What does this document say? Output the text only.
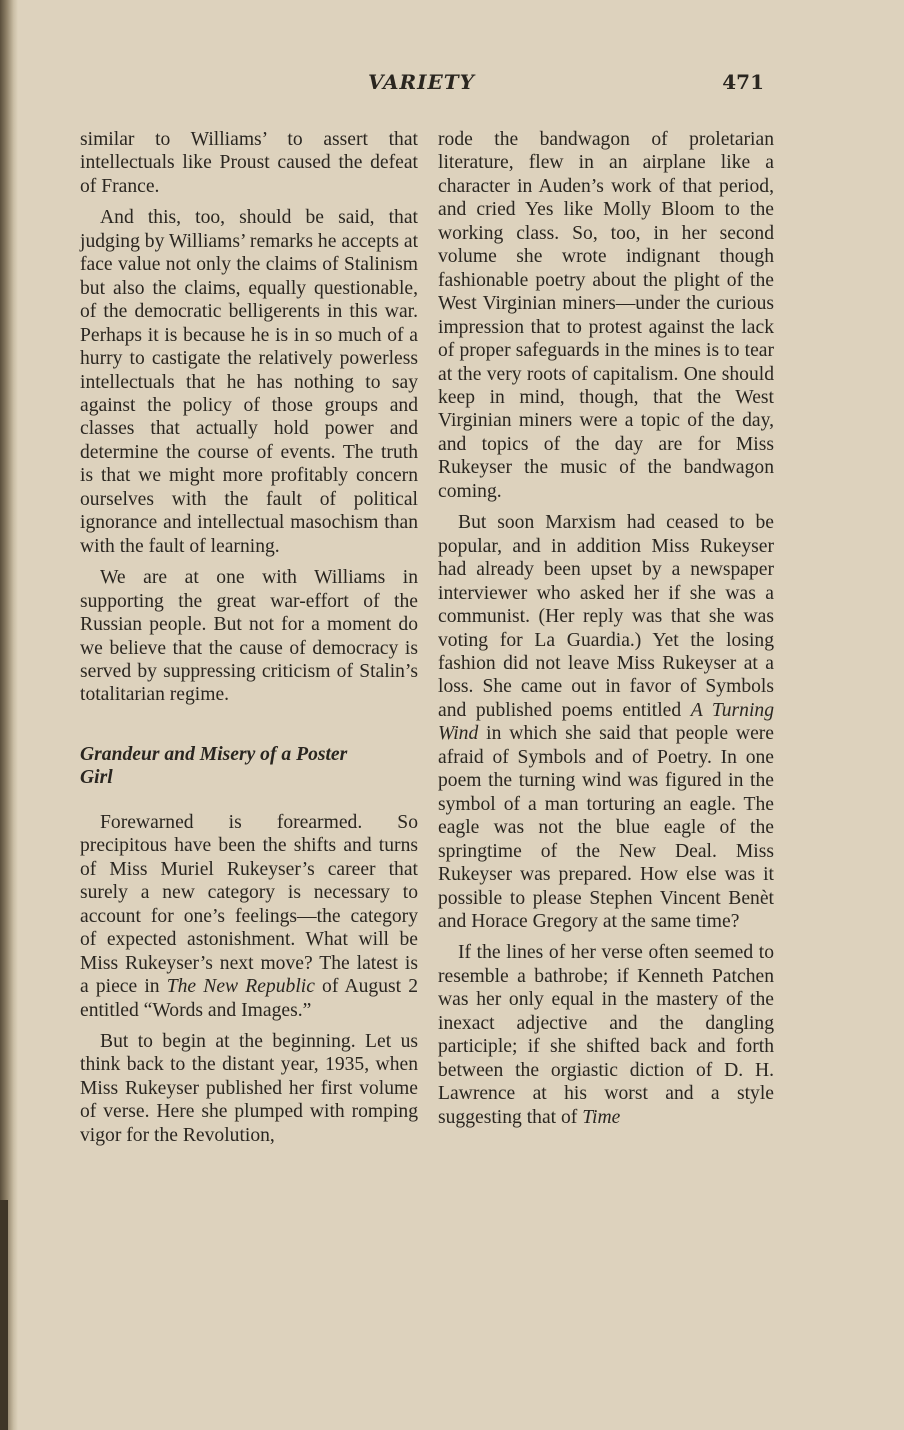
VARIETY	471

similar to Williams’ to assert that intellectuals like Proust caused the defeat of France.

And this, too, should be said, that judging by Williams’ remarks he accepts at face value not only the claims of Stalinism but also the claims, equally questionable, of the democratic belligerents in this war. Perhaps it is because he is in so much of a hurry to castigate the relatively powerless intellectuals that he has nothing to say against the policy of those groups and classes that actually hold power and determine the course of events. The truth is that we might more profitably concern ourselves with the fault of political ignorance and intellectual masochism than with the fault of learning.

We are at one with Williams in supporting the great war-effort of the Russian people. But not for a moment do we believe that the cause of democracy is served by suppressing criticism of Stalin’s totalitarian regime.

Grandeur and Misery of a Poster Girl

Forewarned is forearmed. So precipitous have been the shifts and turns of Miss Muriel Rukeyser’s career that surely a new category is necessary to account for one’s feelings—the category of expected astonishment. What will be Miss Rukeyser’s next move? The latest is a piece in The New Republic of August 2 entitled “Words and Images.”

But to begin at the beginning. Let us think back to the distant year, 1935, when Miss Rukeyser published her first volume of verse. Here she plumped with romping vigor for the Revolution,

rode the bandwagon of proletarian literature, flew in an airplane like a character in Auden’s work of that period, and cried Yes like Molly Bloom to the working class. So, too, in her second volume she wrote indignant though fashionable poetry about the plight of the West Virginian miners—under the curious impression that to protest against the lack of proper safeguards in the mines is to tear at the very roots of capitalism. One should keep in mind, though, that the West Virginian miners were a topic of the day, and topics of the day are for Miss Rukeyser the music of the bandwagon coming.

But soon Marxism had ceased to be popular, and in addition Miss Rukeyser had already been upset by a newspaper interviewer who asked her if she was a communist. (Her reply was that she was voting for La Guardia.) Yet the losing fashion did not leave Miss Rukeyser at a loss. She came out in favor of Symbols and published poems entitled A Turning Wind in which she said that people were afraid of Symbols and of Poetry. In one poem the turning wind was figured in the symbol of a man torturing an eagle. The eagle was not the blue eagle of the springtime of the New Deal. Miss Rukeyser was prepared. How else was it possible to please Stephen Vincent Benèt and Horace Gregory at the same time?

If the lines of her verse often seemed to resemble a bathrobe; if Kenneth Patchen was her only equal in the mastery of the inexact adjective and the dangling participle; if she shifted back and forth between the orgiastic diction of D. H. Lawrence at his worst and a style suggesting that of Time
